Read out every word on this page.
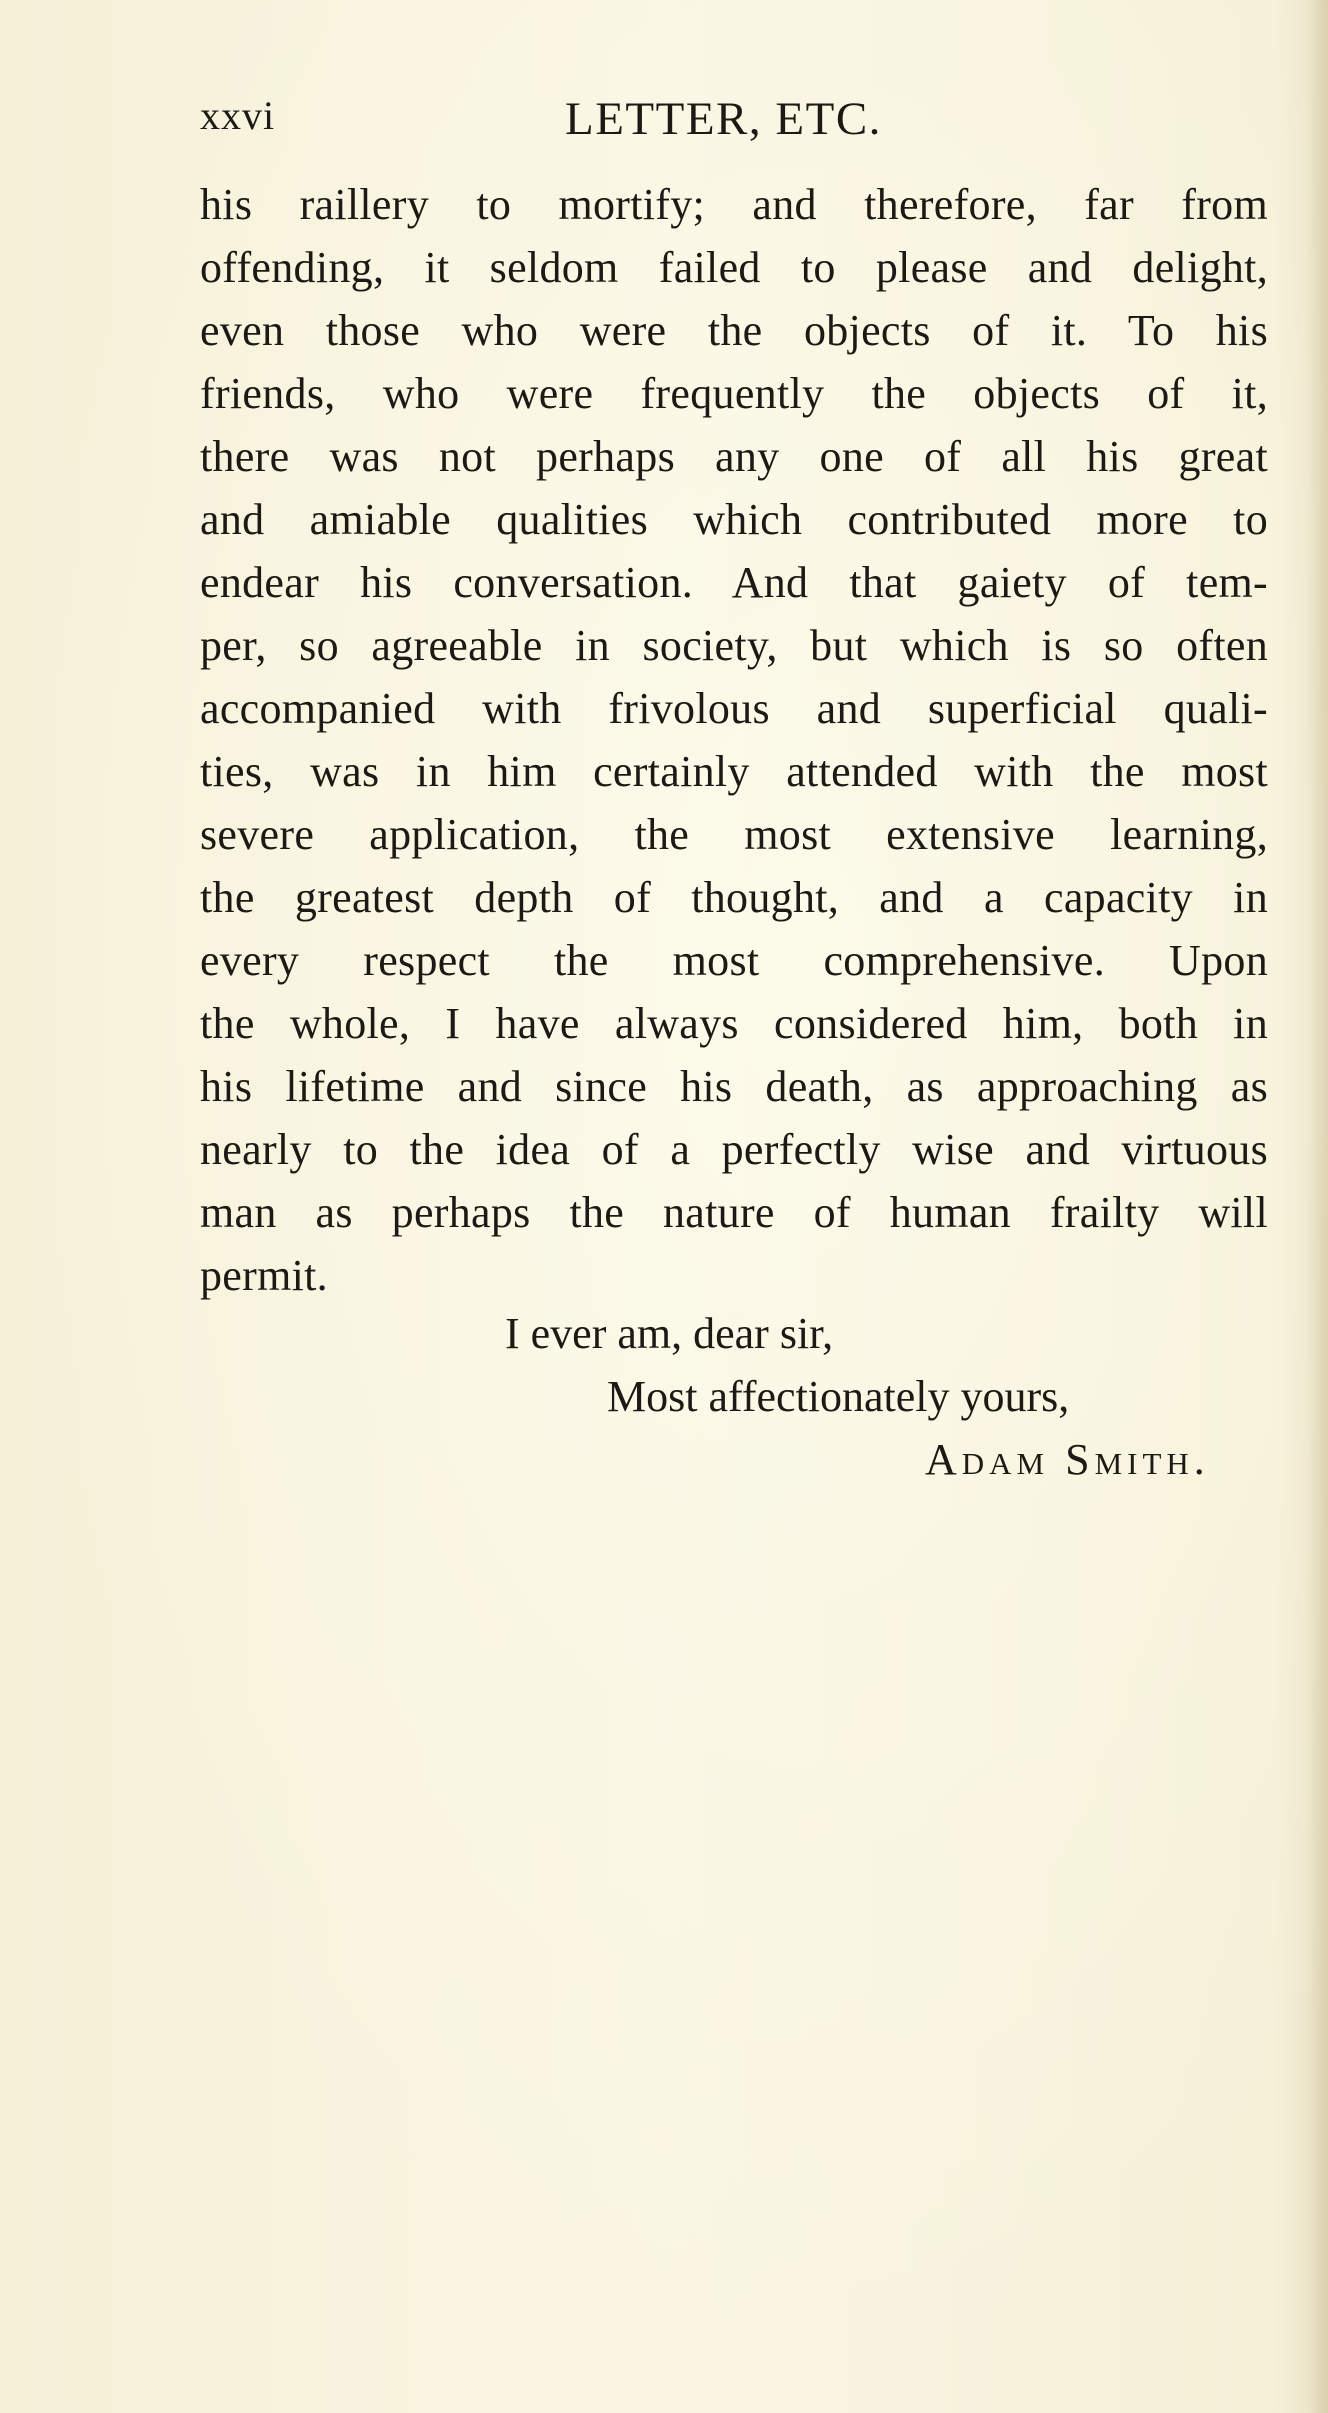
xxvi	LETTER, ETC.
his raillery to mortify; and therefore, far from
offending, it seldom failed to please and delight,
even those who were the objects of it. To his
friends, who were frequently the objects of it,
there was not perhaps any one of all his great
and amiable qualities which contributed more to
endear his conversation. And that gaiety of tem-
per, so agreeable in society, but which is so often
accompanied with frivolous and superficial quali-
ties, was in him certainly attended with the most
severe application, the most extensive learning,
the greatest depth of thought, and a capacity in
every respect the most comprehensive. Upon
the whole, I have always considered him, both in
his lifetime and since his death, as approaching as
nearly to the idea of a perfectly wise and virtuous
man as perhaps the nature of human frailty will
permit.
I ever am, dear sir,
Most affectionately yours,
Adam Smith.
